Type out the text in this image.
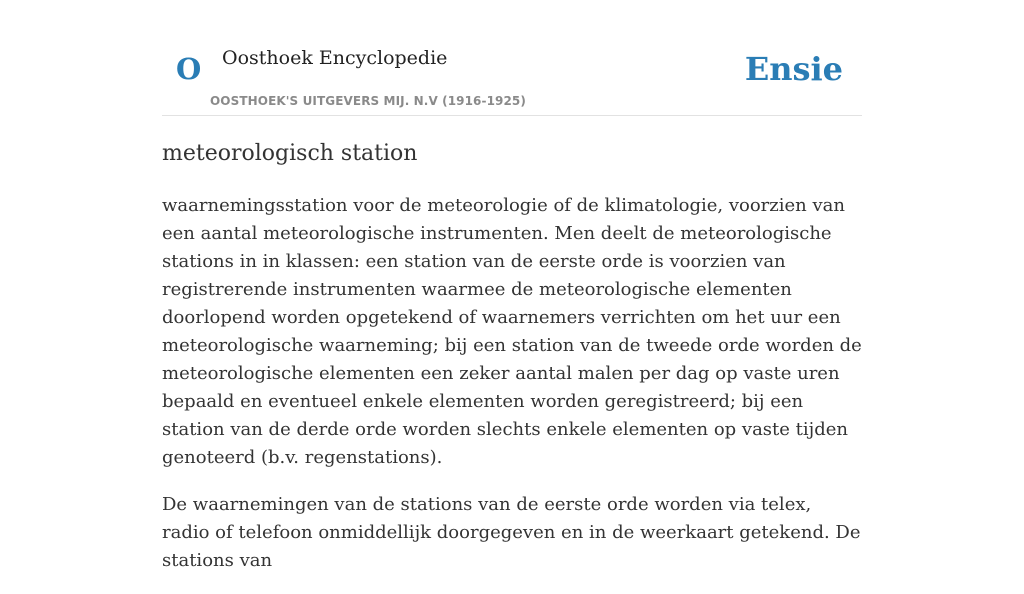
O Oosthoek Encyclopedie
OOSTHOEK'S UITGEVERS MIJ. N.V (1916-1925)
Ensie
meteorologisch station

waarnemingsstation voor de meteorologie of de klimatologie, voorzien van een aantal meteorologische instrumenten. Men deelt de meteorologische stations in in klassen: een station van de eerste orde is voorzien van registrerende instrumenten waarmee de meteorologische elementen doorlopend worden opgetekend of waarnemers verrichten om het uur een meteorologische waarneming; bij een station van de tweede orde worden de meteorologische elementen een zeker aantal malen per dag op vaste uren bepaald en eventueel enkele elementen worden geregistreerd; bij een station van de derde orde worden slechts enkele elementen op vaste tijden genoteerd (b.v. regenstations).

De waarnemingen van de stations van de eerste orde worden via telex, radio of telefoon onmiddellijk doorgegeven en in de weerkaart getekend. De stations van
